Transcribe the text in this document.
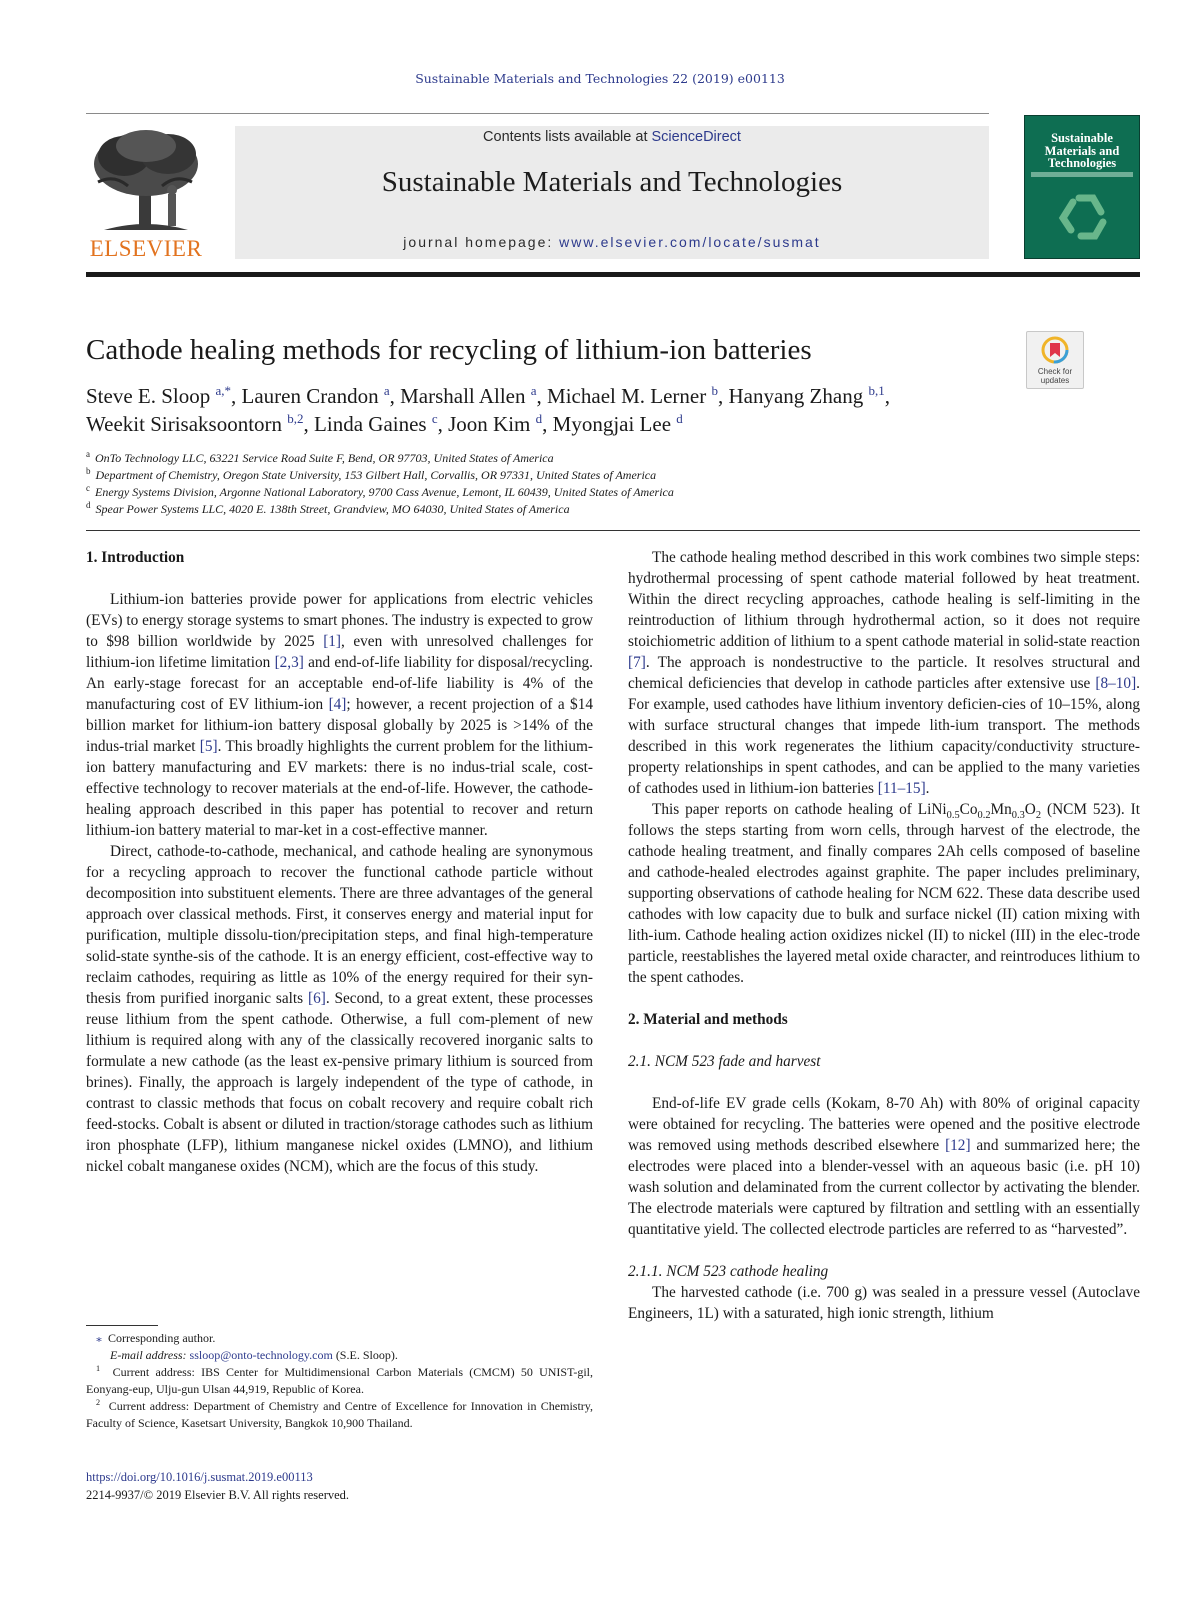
Sustainable Materials and Technologies 22 (2019) e00113
ELSEVIER
Contents lists available at ScienceDirect
Sustainable Materials and Technologies
journal homepage: www.elsevier.com/locate/susmat
Sustainable Materials and Technologies
Cathode healing methods for recycling of lithium-ion batteries
Check for updates
Steve E. Sloop $^{a,*}$, Lauren Crandon $^a$, Marshall Allen $^a$, Michael M. Lerner $^b$, Hanyang Zhang $^{b,1}$,
Weekit Sirisaksoontorn $^{b,2}$, Linda Gaines $^c$, Joon Kim $^d$, Myongjai Lee $^d$
$^a$ OnTo Technology LLC, 63221 Service Road Suite F, Bend, OR 97703, United States of America
$^b$ Department of Chemistry, Oregon State University, 153 Gilbert Hall, Corvallis, OR 97331, United States of America
$^c$ Energy Systems Division, Argonne National Laboratory, 9700 Cass Avenue, Lemont, IL 60439, United States of America
$^d$ Spear Power Systems LLC, 4020 E. 138th Street, Grandview, MO 64030, United States of America
1. Introduction

Lithium-ion batteries provide power for applications from electric vehicles (EVs) to energy storage systems to smart phones. The industry is expected to grow to $98 billion worldwide by 2025 [1], even with unresolved challenges for lithium-ion lifetime limitation [2,3] and end-of-life liability for disposal/recycling. An early-stage forecast for an acceptable end-of-life liability is 4% of the manufacturing cost of EV lithium-ion [4]; however, a recent projection of a $14 billion market for lithium-ion battery disposal globally by 2025 is >14% of the indus-trial market [5]. This broadly highlights the current problem for the lithium-ion battery manufacturing and EV markets: there is no indus-trial scale, cost-effective technology to recover materials at the end-of-life. However, the cathode-healing approach described in this paper has potential to recover and return lithium-ion battery material to mar-ket in a cost-effective manner.

Direct, cathode-to-cathode, mechanical, and cathode healing are synonymous for a recycling approach to recover the functional cathode particle without decomposition into substituent elements. There are three advantages of the general approach over classical methods. First, it conserves energy and material input for purification, multiple dissolu-tion/precipitation steps, and final high-temperature solid-state synthe-sis of the cathode. It is an energy efficient, cost-effective way to reclaim cathodes, requiring as little as 10% of the energy required for their syn-thesis from purified inorganic salts [6]. Second, to a great extent, these processes reuse lithium from the spent cathode. Otherwise, a full com-plement of new lithium is required along with any of the classically recovered inorganic salts to formulate a new cathode (as the least ex-pensive primary lithium is sourced from brines). Finally, the approach is largely independent of the type of cathode, in contrast to classic methods that focus on cobalt recovery and require cobalt rich feed-stocks. Cobalt is absent or diluted in traction/storage cathodes such as lithium iron phosphate (LFP), lithium manganese nickel oxides (LMNO), and lithium nickel cobalt manganese oxides (NCM), which are the focus of this study.

⁎ Corresponding author.

E-mail address: ssloop@onto-technology.com (S.E. Sloop).

$^1$ Current address: IBS Center for Multidimensional Carbon Materials (CMCM) 50 UNIST-gil, Eonyang-eup, Ulju-gun Ulsan 44,919, Republic of Korea.

$^2$ Current address: Department of Chemistry and Centre of Excellence for Innovation in Chemistry, Faculty of Science, Kasetsart University, Bangkok 10,900 Thailand.

The cathode healing method described in this work combines two simple steps: hydrothermal processing of spent cathode material followed by heat treatment. Within the direct recycling approaches, cathode healing is self-limiting in the reintroduction of lithium through hydrothermal action, so it does not require stoichiometric addition of lithium to a spent cathode material in solid-state reaction [7]. The approach is nondestructive to the particle. It resolves structural and chemical deficiencies that develop in cathode particles after extensive use [8–10]. For example, used cathodes have lithium inventory deficien-cies of 10–15%, along with surface structural changes that impede lith-ium transport. The methods described in this work regenerates the lithium capacity/conductivity structure-property relationships in spent cathodes, and can be applied to the many varieties of cathodes used in lithium-ion batteries [11–15].

This paper reports on cathode healing of $LiNi_{0.5}Co_{0.2}Mn_{0.3}O_2$ (NCM 523). It follows the steps starting from worn cells, through harvest of the electrode, the cathode healing treatment, and finally compares 2Ah cells composed of baseline and cathode-healed electrodes against graphite. The paper includes preliminary, supporting observations of cathode healing for NCM 622. These data describe used cathodes with low capacity due to bulk and surface nickel (II) cation mixing with lith-ium. Cathode healing action oxidizes nickel (II) to nickel (III) in the elec-trode particle, reestablishes the layered metal oxide character, and reintroduces lithium to the spent cathodes.

2. Material and methods

2.1. NCM 523 fade and harvest

End-of-life EV grade cells (Kokam, 8-70 Ah) with 80% of original capacity were obtained for recycling. The batteries were opened and the positive electrode was removed using methods described elsewhere [12] and summarized here; the electrodes were placed into a blender-vessel with an aqueous basic (i.e. pH 10) wash solution and delaminated from the current collector by activating the blender. The electrode materials were captured by filtration and settling with an essentially quantitative yield. The collected electrode particles are referred to as “harvested”.

2.1.1. NCM 523 cathode healing

The harvested cathode (i.e. 700 g) was sealed in a pressure vessel (Autoclave Engineers, 1L) with a saturated, high ionic strength, lithium

https://doi.org/10.1016/j.susmat.2019.e00113
2214-9937/© 2019 Elsevier B.V. All rights reserved.
